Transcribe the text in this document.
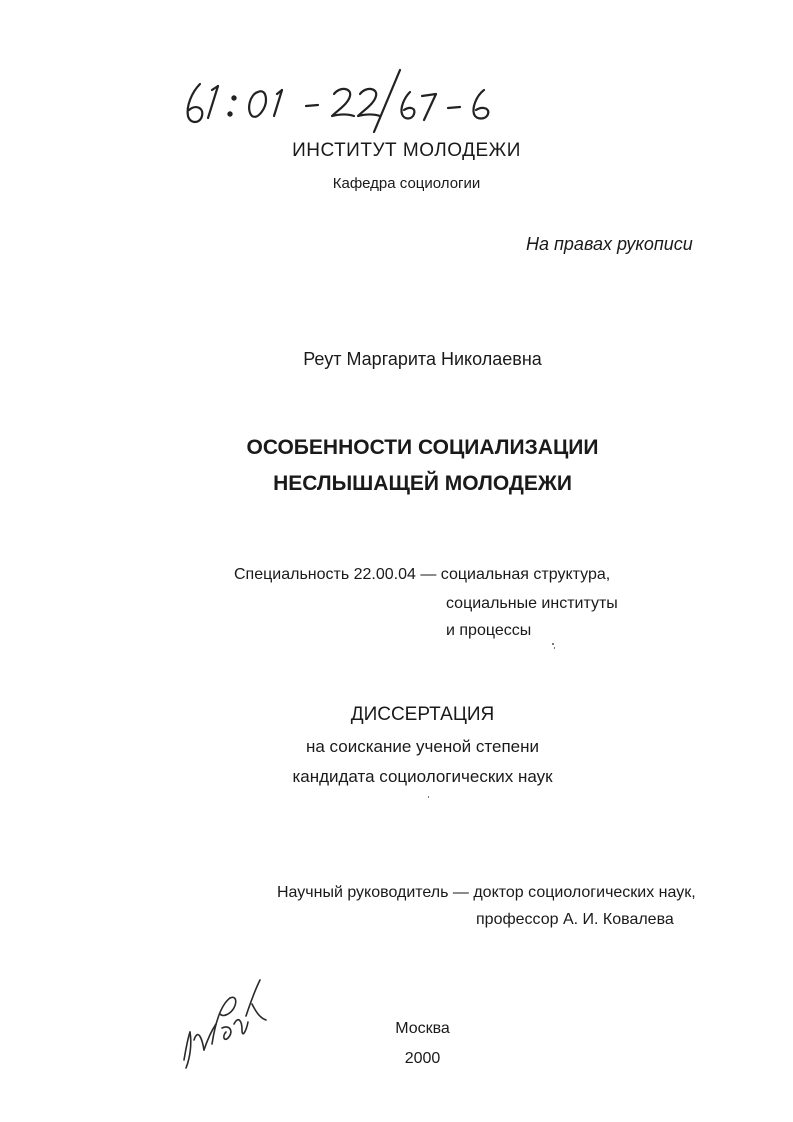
ИНСТИТУТ МОЛОДЕЖИ
Кафедра социологии
На правах рукописи
Реут Маргарита Николаевна
ОСОБЕННОСТИ СОЦИАЛИЗАЦИИ
НЕСЛЫШАЩЕЙ МОЛОДЕЖИ
Специальность 22.00.04 — социальная структура,
социальные институты
и процессы
ДИССЕРТАЦИЯ
на соискание ученой степени
кандидата социологических наук
Научный руководитель — доктор социологических наук,
профессор А. И. Ковалева
Москва
2000
